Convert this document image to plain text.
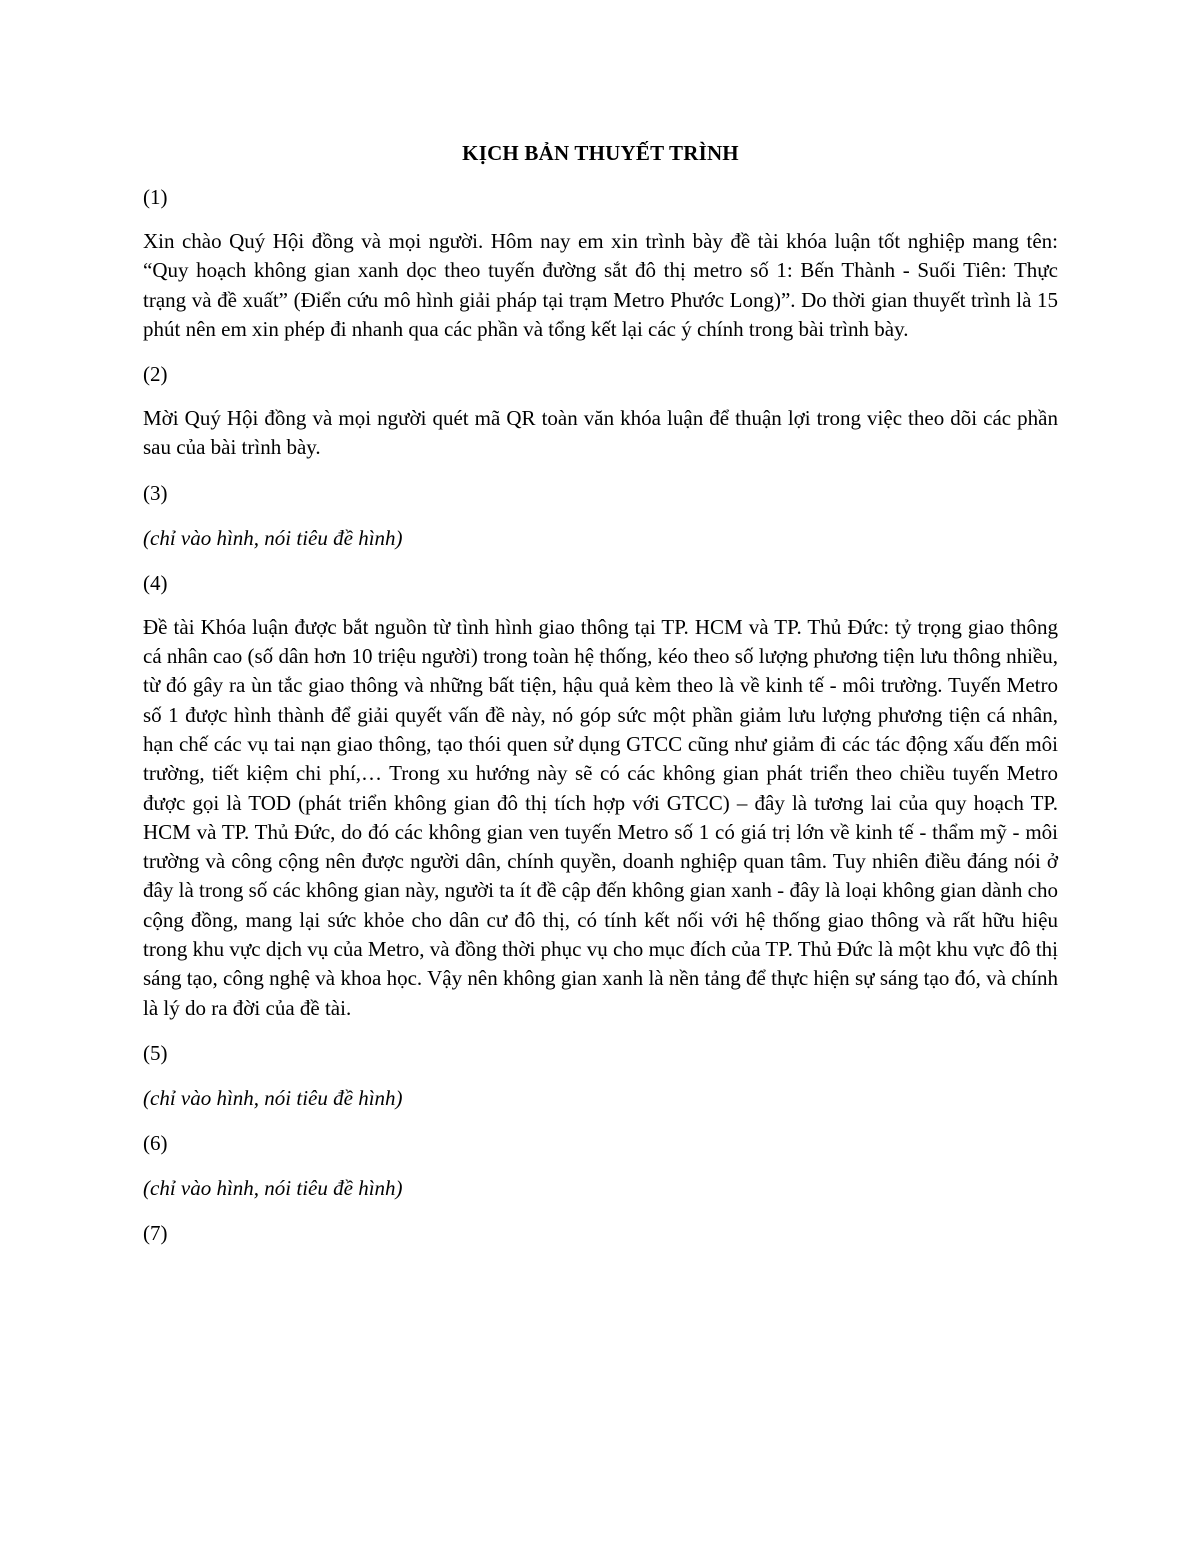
KỊCH BẢN THUYẾT TRÌNH
(1)
Xin chào Quý Hội đồng và mọi người. Hôm nay em xin trình bày đề tài khóa luận tốt nghiệp mang tên: “Quy hoạch không gian xanh dọc theo tuyến đường sắt đô thị metro số 1: Bến Thành - Suối Tiên: Thực trạng và đề xuất” (Điển cứu mô hình giải pháp tại trạm Metro Phước Long)”. Do thời gian thuyết trình là 15 phút nên em xin phép đi nhanh qua các phần và tổng kết lại các ý chính trong bài trình bày.
(2)
Mời Quý Hội đồng và mọi người quét mã QR toàn văn khóa luận để thuận lợi trong việc theo dõi các phần sau của bài trình bày.
(3)
(chỉ vào hình, nói tiêu đề hình)
(4)
Đề tài Khóa luận được bắt nguồn từ tình hình giao thông tại TP. HCM và TP. Thủ Đức: tỷ trọng giao thông cá nhân cao (số dân hơn 10 triệu người) trong toàn hệ thống, kéo theo số lượng phương tiện lưu thông nhiều, từ đó gây ra ùn tắc giao thông và những bất tiện, hậu quả kèm theo là về kinh tế - môi trường. Tuyến Metro số 1 được hình thành để giải quyết vấn đề này, nó góp sức một phần giảm lưu lượng phương tiện cá nhân, hạn chế các vụ tai nạn giao thông, tạo thói quen sử dụng GTCC cũng như giảm đi các tác động xấu đến môi trường, tiết kiệm chi phí,… Trong xu hướng này sẽ có các không gian phát triển theo chiều tuyến Metro được gọi là TOD (phát triển không gian đô thị tích hợp với GTCC) – đây là tương lai của quy hoạch TP. HCM và TP. Thủ Đức, do đó các không gian ven tuyến Metro số 1 có giá trị lớn về kinh tế - thẩm mỹ - môi trường và công cộng nên được người dân, chính quyền, doanh nghiệp quan tâm. Tuy nhiên điều đáng nói ở đây là trong số các không gian này, người ta ít đề cập đến không gian xanh - đây là loại không gian dành cho cộng đồng, mang lại sức khỏe cho dân cư đô thị, có tính kết nối với hệ thống giao thông và rất hữu hiệu trong khu vực dịch vụ của Metro, và đồng thời phục vụ cho mục đích của TP. Thủ Đức là một khu vực đô thị sáng tạo, công nghệ và khoa học. Vậy nên không gian xanh là nền tảng để thực hiện sự sáng tạo đó, và chính là lý do ra đời của đề tài.
(5)
(chỉ vào hình, nói tiêu đề hình)
(6)
(chỉ vào hình, nói tiêu đề hình)
(7)
